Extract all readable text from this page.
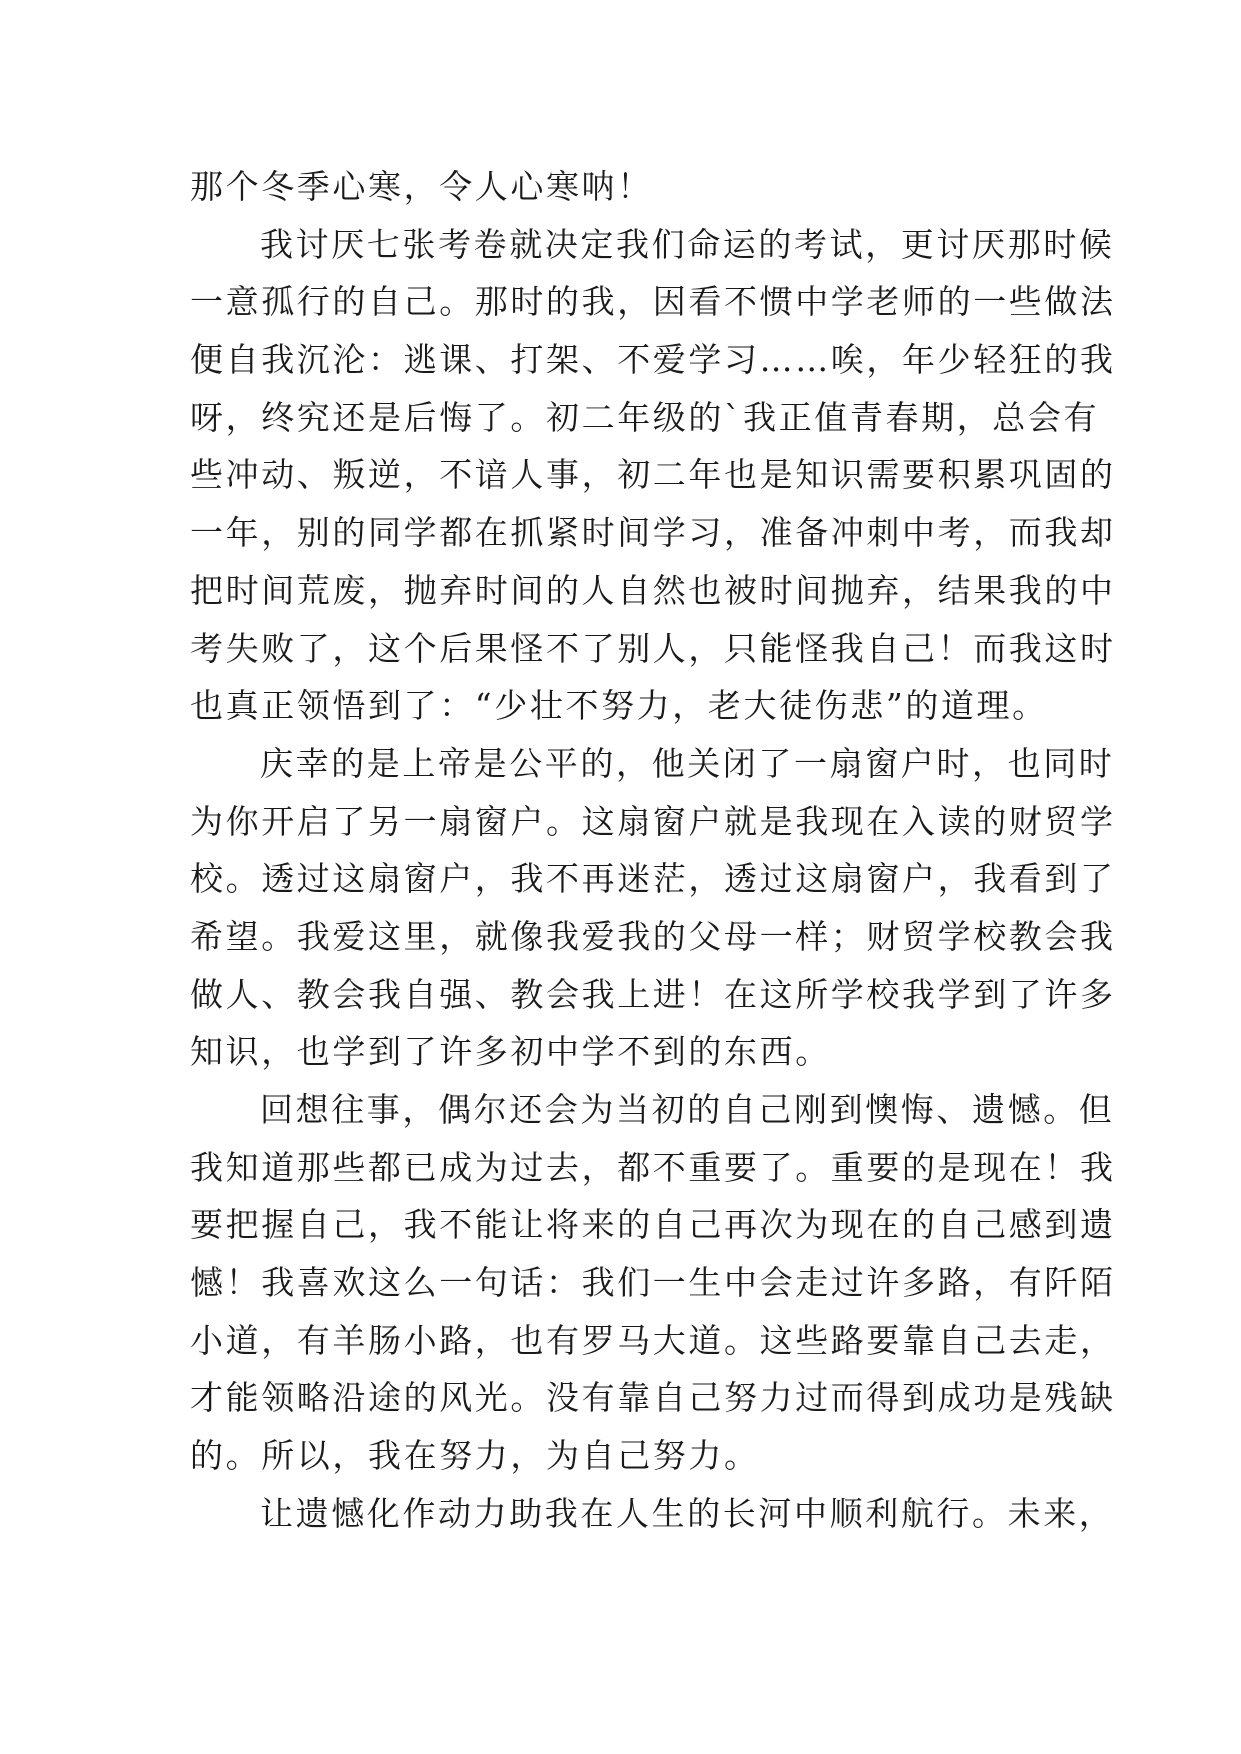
那个冬季心寒，令人心寒呐！
我讨厌七张考卷就决定我们命运的考试，更讨厌那时候
一意孤行的自己。那时的我，因看不惯中学老师的一些做法
便自我沉沦：逃课、打架、不爱学习……唉，年少轻狂的我
呀，终究还是后悔了。初二年级的`我正值青春期，总会有
些冲动、叛逆，不谙人事，初二年也是知识需要积累巩固的
一年，别的同学都在抓紧时间学习，准备冲刺中考，而我却
把时间荒废，抛弃时间的人自然也被时间抛弃，结果我的中
考失败了，这个后果怪不了别人，只能怪我自己！而我这时
也真正领悟到了：“少壮不努力，老大徒伤悲”的道理。
庆幸的是上帝是公平的，他关闭了一扇窗户时，也同时
为你开启了另一扇窗户。这扇窗户就是我现在入读的财贸学
校。透过这扇窗户，我不再迷茫，透过这扇窗户，我看到了
希望。我爱这里，就像我爱我的父母一样；财贸学校教会我
做人、教会我自强、教会我上进！在这所学校我学到了许多
知识，也学到了许多初中学不到的东西。
回想往事，偶尔还会为当初的自己刚到懊悔、遗憾。但
我知道那些都已成为过去，都不重要了。重要的是现在！我
要把握自己，我不能让将来的自己再次为现在的自己感到遗
憾！我喜欢这么一句话：我们一生中会走过许多路，有阡陌
小道，有羊肠小路，也有罗马大道。这些路要靠自己去走，
才能领略沿途的风光。没有靠自己努力过而得到成功是残缺
的。所以，我在努力，为自己努力。
让遗憾化作动力助我在人生的长河中顺利航行。未来，
